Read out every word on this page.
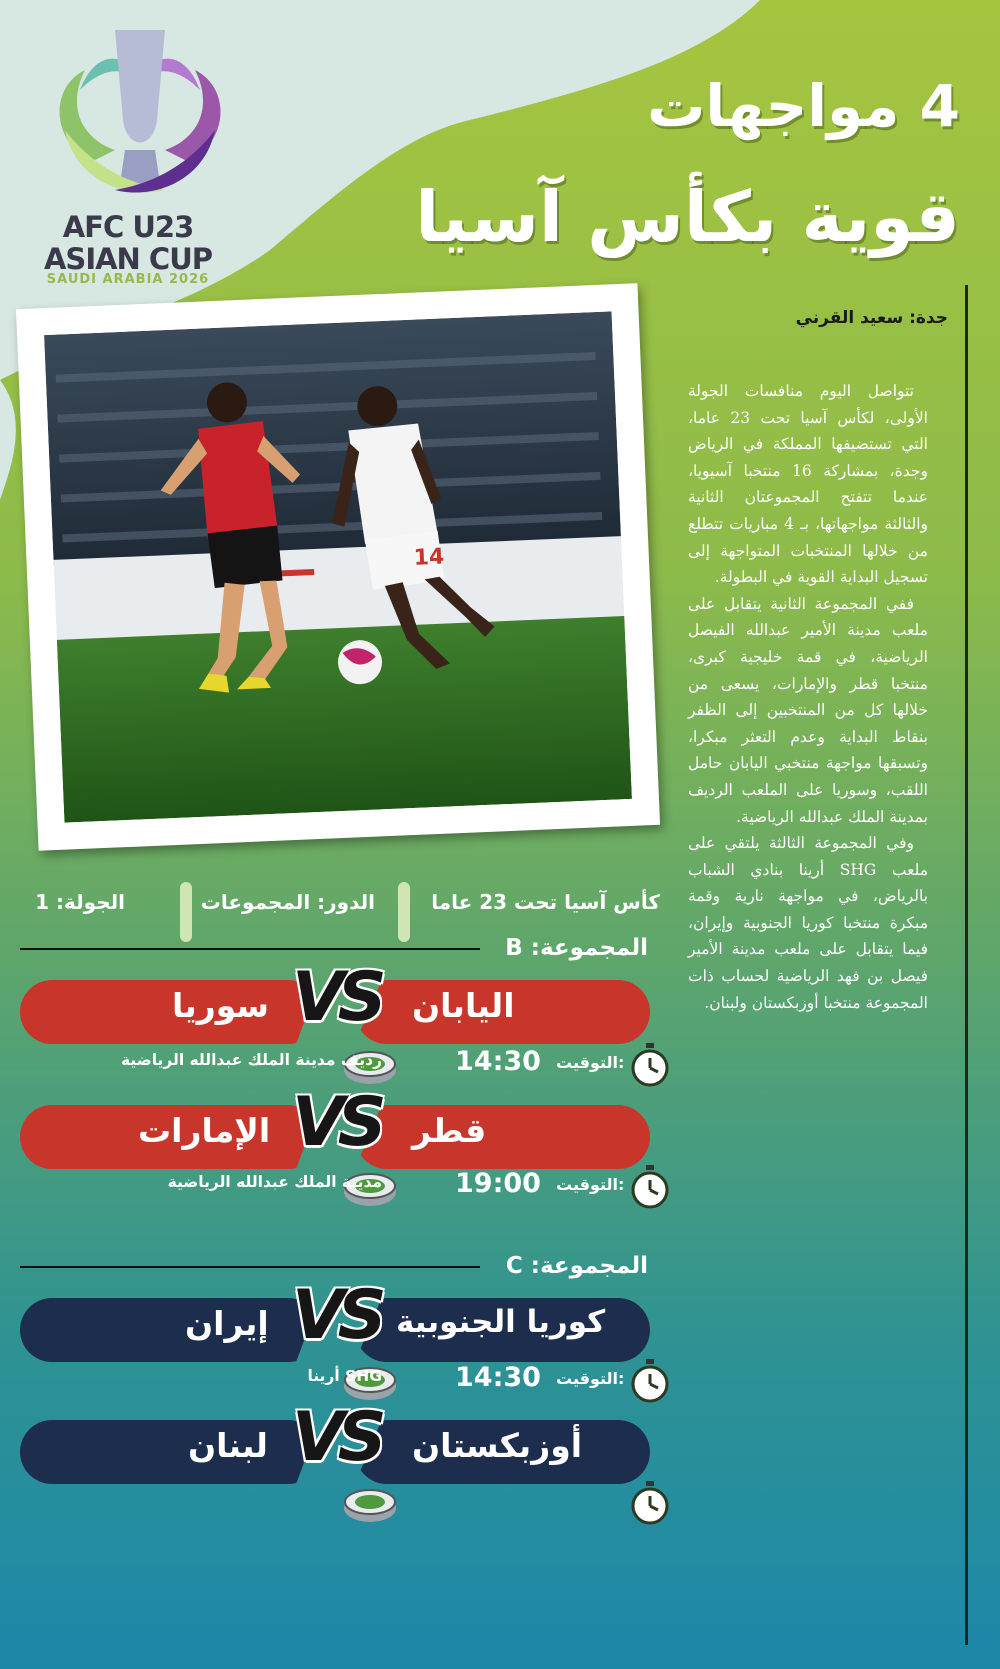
AFC U23
ASIAN CUP
SAUDI ARABIA 2026
4 مواجهات
قوية بكأس آسيا
جدة: سعيد القرني

تتواصل اليوم منافسات الجولة الأولى، لكأس آسيا تحت 23 عاما، التي تستضيفها المملكة في الرياض وجدة، بمشاركة 16 منتخبا آسيويا، عندما تتفتح المجموعتان الثانية والثالثة مواجهاتها، بـ 4 مباريات تتطلع من خلالها المنتخبات المتواجهة إلى تسجيل البداية القوية في البطولة.

ففي المجموعة الثانية يتقابل على ملعب مدينة الأمير عبدالله الفيصل الرياضية، في قمة خليجية كبرى، منتخبا قطر والإمارات، يسعى من خلالها كل من المنتخبين إلى الظفر بنقاط البداية وعدم التعثر مبكرا، وتسبقها مواجهة منتخبي اليابان حامل اللقب، وسوريا على الملعب الرديف بمدينة الملك عبدالله الرياضية.

وفي المجموعة الثالثة يلتقي على ملعب SHG أرينا بنادي الشباب بالرياض، في مواجهة نارية وقمة مبكرة منتخبا كوريا الجنوبية وإيران، فيما يتقابل على ملعب مدينة الأمير فيصل بن فهد الرياضية لحساب ذات المجموعة منتخبا أوزبكستان ولبنان.

14
كأس آسيا تحت 23 عاما
الدور: المجموعات
الجولة: 1
المجموعة: B
سوريا	اليابان
VS
التوقيت:
14:30
رديف مدينة الملك عبدالله الرياضية
الإمارات	قطر
VS
التوقيت:
19:00
مدينة الملك عبدالله الرياضية
المجموعة: C
إيران	كوريا الجنوبية
VS
التوقيت:
14:30
SHG أرينا
لبنان	أوزبكستان
VS
